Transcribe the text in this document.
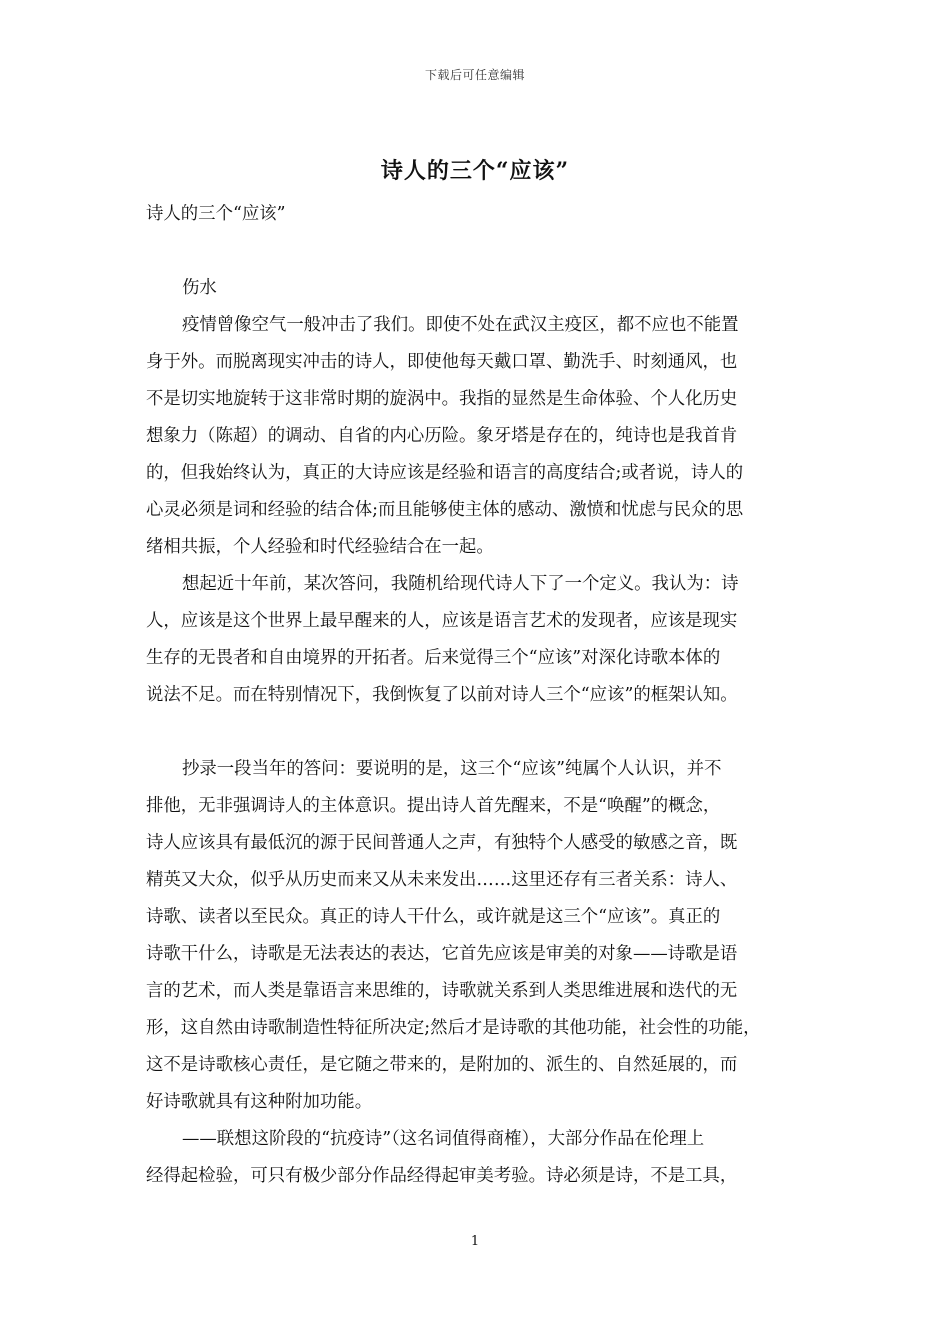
下载后可任意编辑
诗人的三个“应该”
诗人的三个“应该”
伤水
疫情曾像空气一般冲击了我们。即使不处在武汉主疫区，都不应也不能置
身于外。而脱离现实冲击的诗人，即使他每天戴口罩、勤洗手、时刻通风，也
不是切实地旋转于这非常时期的旋涡中。我指的显然是生命体验、个人化历史
想象力（陈超）的调动、自省的内心历险。象牙塔是存在的，纯诗也是我首肯
的，但我始终认为，真正的大诗应该是经验和语言的高度结合;或者说，诗人的
心灵必须是词和经验的结合体;而且能够使主体的感动、激愤和忧虑与民众的思
绪相共振，个人经验和时代经验结合在一起。
想起近十年前，某次答问，我随机给现代诗人下了一个定义。我认为：诗
人，应该是这个世界上最早醒来的人，应该是语言艺术的发现者，应该是现实
生存的无畏者和自由境界的开拓者。后来觉得三个“应该”对深化诗歌本体的
说法不足。而在特别情况下，我倒恢复了以前对诗人三个“应该”的框架认知。
抄录一段当年的答问：要说明的是，这三个“应该”纯属个人认识，并不
排他，无非强调诗人的主体意识。提出诗人首先醒来，不是“唤醒”的概念，
诗人应该具有最低沉的源于民间普通人之声，有独特个人感受的敏感之音，既
精英又大众，似乎从历史而来又从未来发出……这里还存有三者关系：诗人、
诗歌、读者以至民众。真正的诗人干什么，或许就是这三个“应该”。真正的
诗歌干什么，诗歌是无法表达的表达，它首先应该是审美的对象——诗歌是语
言的艺术，而人类是靠语言来思维的，诗歌就关系到人类思维进展和迭代的无
形，这自然由诗歌制造性特征所决定;然后才是诗歌的其他功能，社会性的功能，
这不是诗歌核心责任，是它随之带来的，是附加的、派生的、自然延展的，而
好诗歌就具有这种附加功能。
——联想这阶段的“抗疫诗”（这名词值得商榷），大部分作品在伦理上
经得起检验，可只有极少部分作品经得起审美考验。诗必须是诗，不是工具，
1
